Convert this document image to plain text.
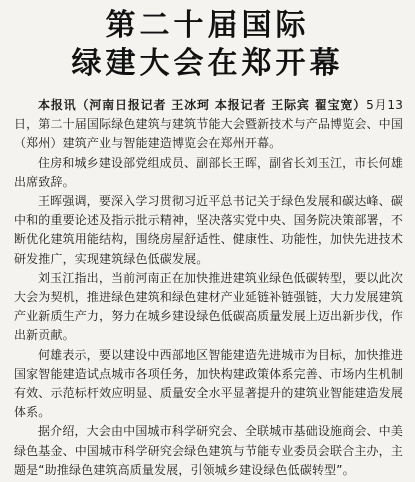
第二十届国际
绿建大会在郑开幕

本报讯（河南日报记者 王冰珂 本报记者 王际宾 翟宝宽）5月13日，第二十届国际绿色建筑与建筑节能大会暨新技术与产品博览会、中国（郑州）建筑产业与智能建造博览会在郑州开幕。

住房和城乡建设部党组成员、副部长王晖，副省长刘玉江，市长何雄出席致辞。

王晖强调，要深入学习贯彻习近平总书记关于绿色发展和碳达峰、碳中和的重要论述及指示批示精神，坚决落实党中央、国务院决策部署，不断优化建筑用能结构，围绕房屋舒适性、健康性、功能性，加快先进技术研发推广，实现建筑绿色低碳发展。

刘玉江指出，当前河南正在加快推进建筑业绿色低碳转型，要以此次大会为契机，推进绿色建筑和绿色建材产业延链补链强链，大力发展建筑产业新质生产力，努力在城乡建设绿色低碳高质量发展上迈出新步伐，作出新贡献。

何雄表示，要以建设中西部地区智能建造先进城市为目标，加快推进国家智能建造试点城市各项任务，加快构建政策体系完善、市场内生机制有效、示范标杆效应明显、质量安全水平显著提升的建筑业智能建造发展体系。

据介绍，大会由中国城市科学研究会、全联城市基础设施商会、中美绿色基金、中国城市科学研究会绿色建筑与节能专业委员会联合主办，主题是“助推绿色建筑高质量发展，引领城乡建设绿色低碳转型”。
